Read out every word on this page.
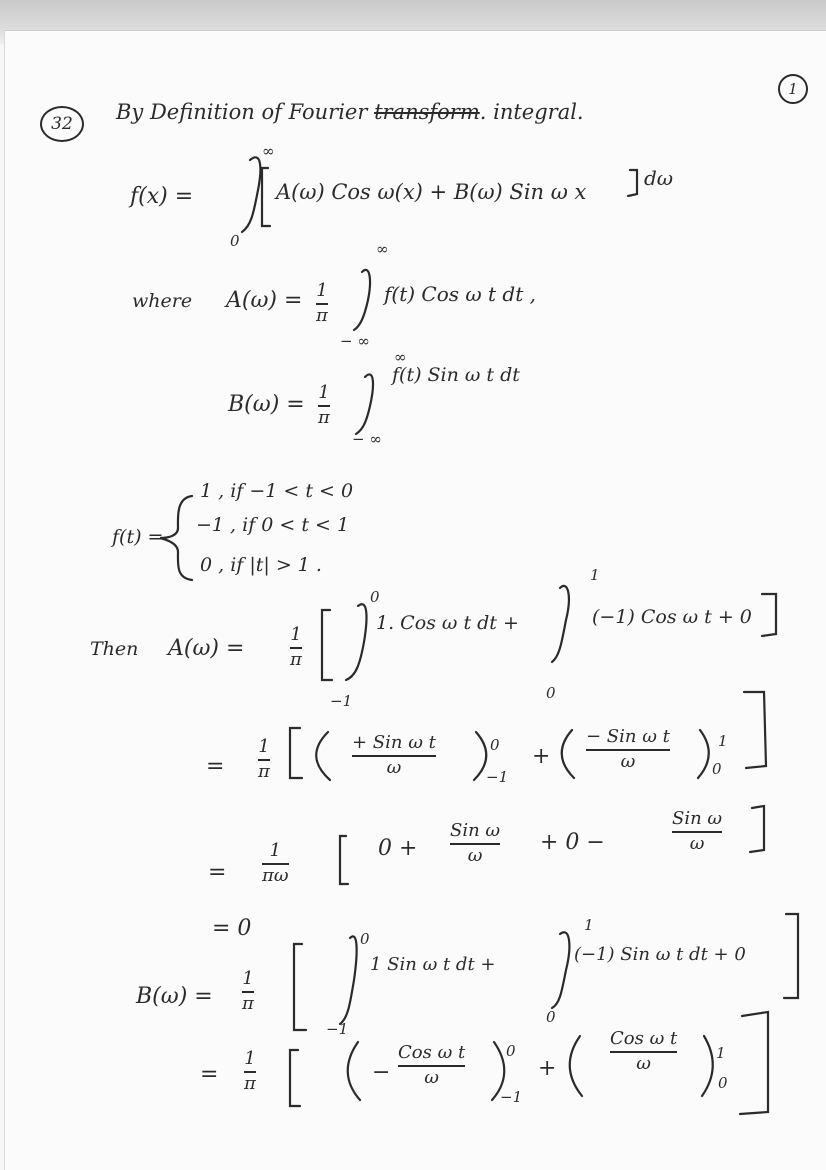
32 By Definition of Fourier transform. integral.
1
f(x) =
∞
0
A(ω) Cos ω(x) + B(ω) Sin ω x
dω
where A(ω) = 1
π
∞
− ∞
f(t) Cos ω t dt ,
B(ω) = 1
π
∞
− ∞
f(t) Sin ω t dt
f(t) =
1 , if −1 < t < 0
−1 , if 0 < t < 1
0 , if |t| > 1 .
Then A(ω) =
1
π
0
−1
1. Cos ω t dt +
1
0
(−1) Cos ω t + 0
=
1
π
+ Sin ω t
ω
0
−1
+
− Sin ω t
ω
1
0
=
1
πω
0 +
Sin ω
ω
+ 0 −
Sin ω
ω
= 0
B(ω) =
1
π
0
−1
1 Sin ω t dt +
1
0
(−1) Sin ω t dt + 0
=
1
π	−
Cos ω t
ω
0
−1
+
Cos ω t
ω	1
0
